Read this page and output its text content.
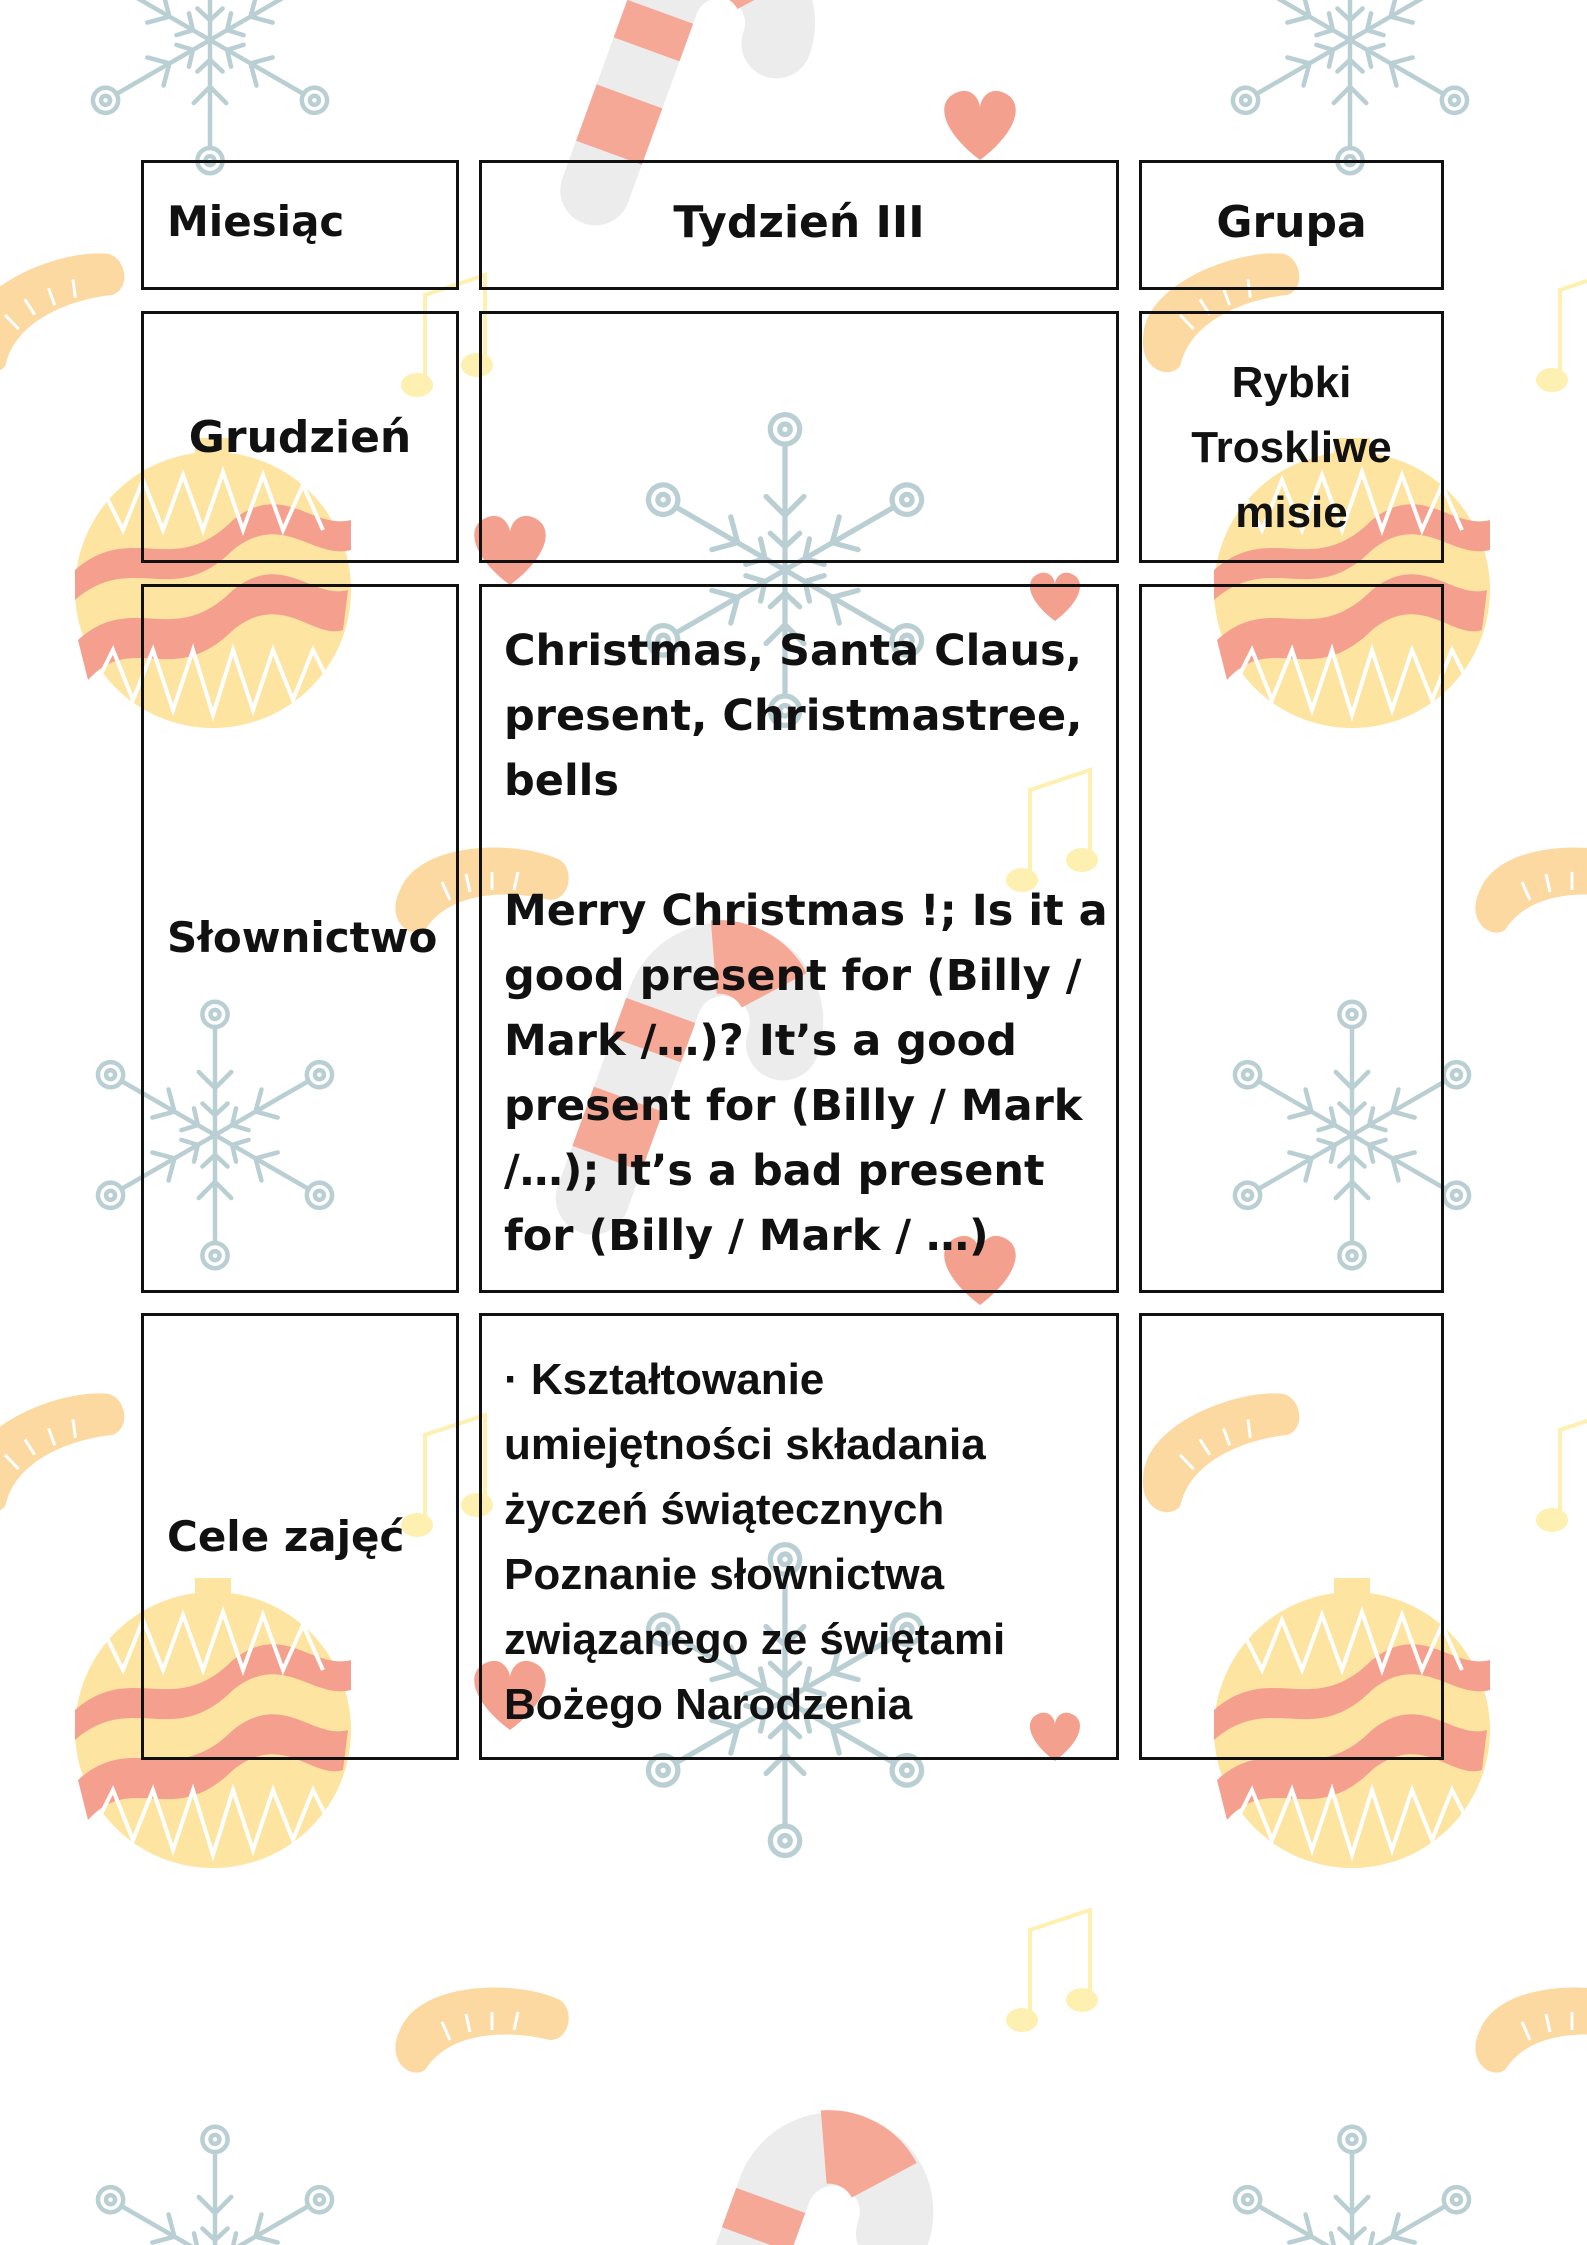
Miesiąc	Tydzień III	Grupa
Grudzień
Rybki
Troskliwe
misie
Słownictwo
Christmas, Santa Claus,
present, Christmastree,
bells
Merry Christmas !; Is it a
good present for (Billy /
Mark /…)? It’s a good
present for (Billy / Mark
/…); It’s a bad present
for (Billy / Mark / …)
Cele zajęć
· Kształtowanie
umiejętności składania
życzeń świątecznych
Poznanie słownictwa
związanego ze świętami
Bożego Narodzenia
